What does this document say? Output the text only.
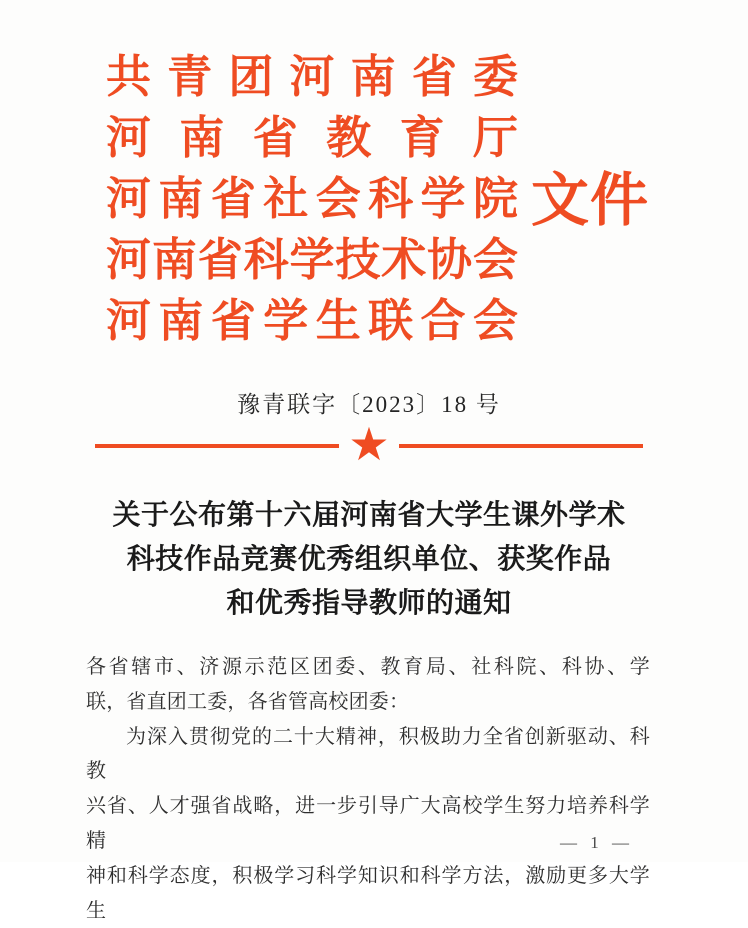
共青团河南省委
河南省教育厅
河南省社会科学院
河南省科学技术协会
河南省学生联合会
文件
豫青联字〔2023〕18 号
★
关于公布第十六届河南省大学生课外学术
科技作品竞赛优秀组织单位、获奖作品
和优秀指导教师的通知
各省辖市、济源示范区团委、教育局、社科院、科协、学
联，省直团工委，各省管高校团委：
为深入贯彻党的二十大精神，积极助力全省创新驱动、科教
兴省、人才强省战略，进一步引导广大高校学生努力培养科学精
神和科学态度，积极学习科学知识和科学方法，激励更多大学生
— 1 —
